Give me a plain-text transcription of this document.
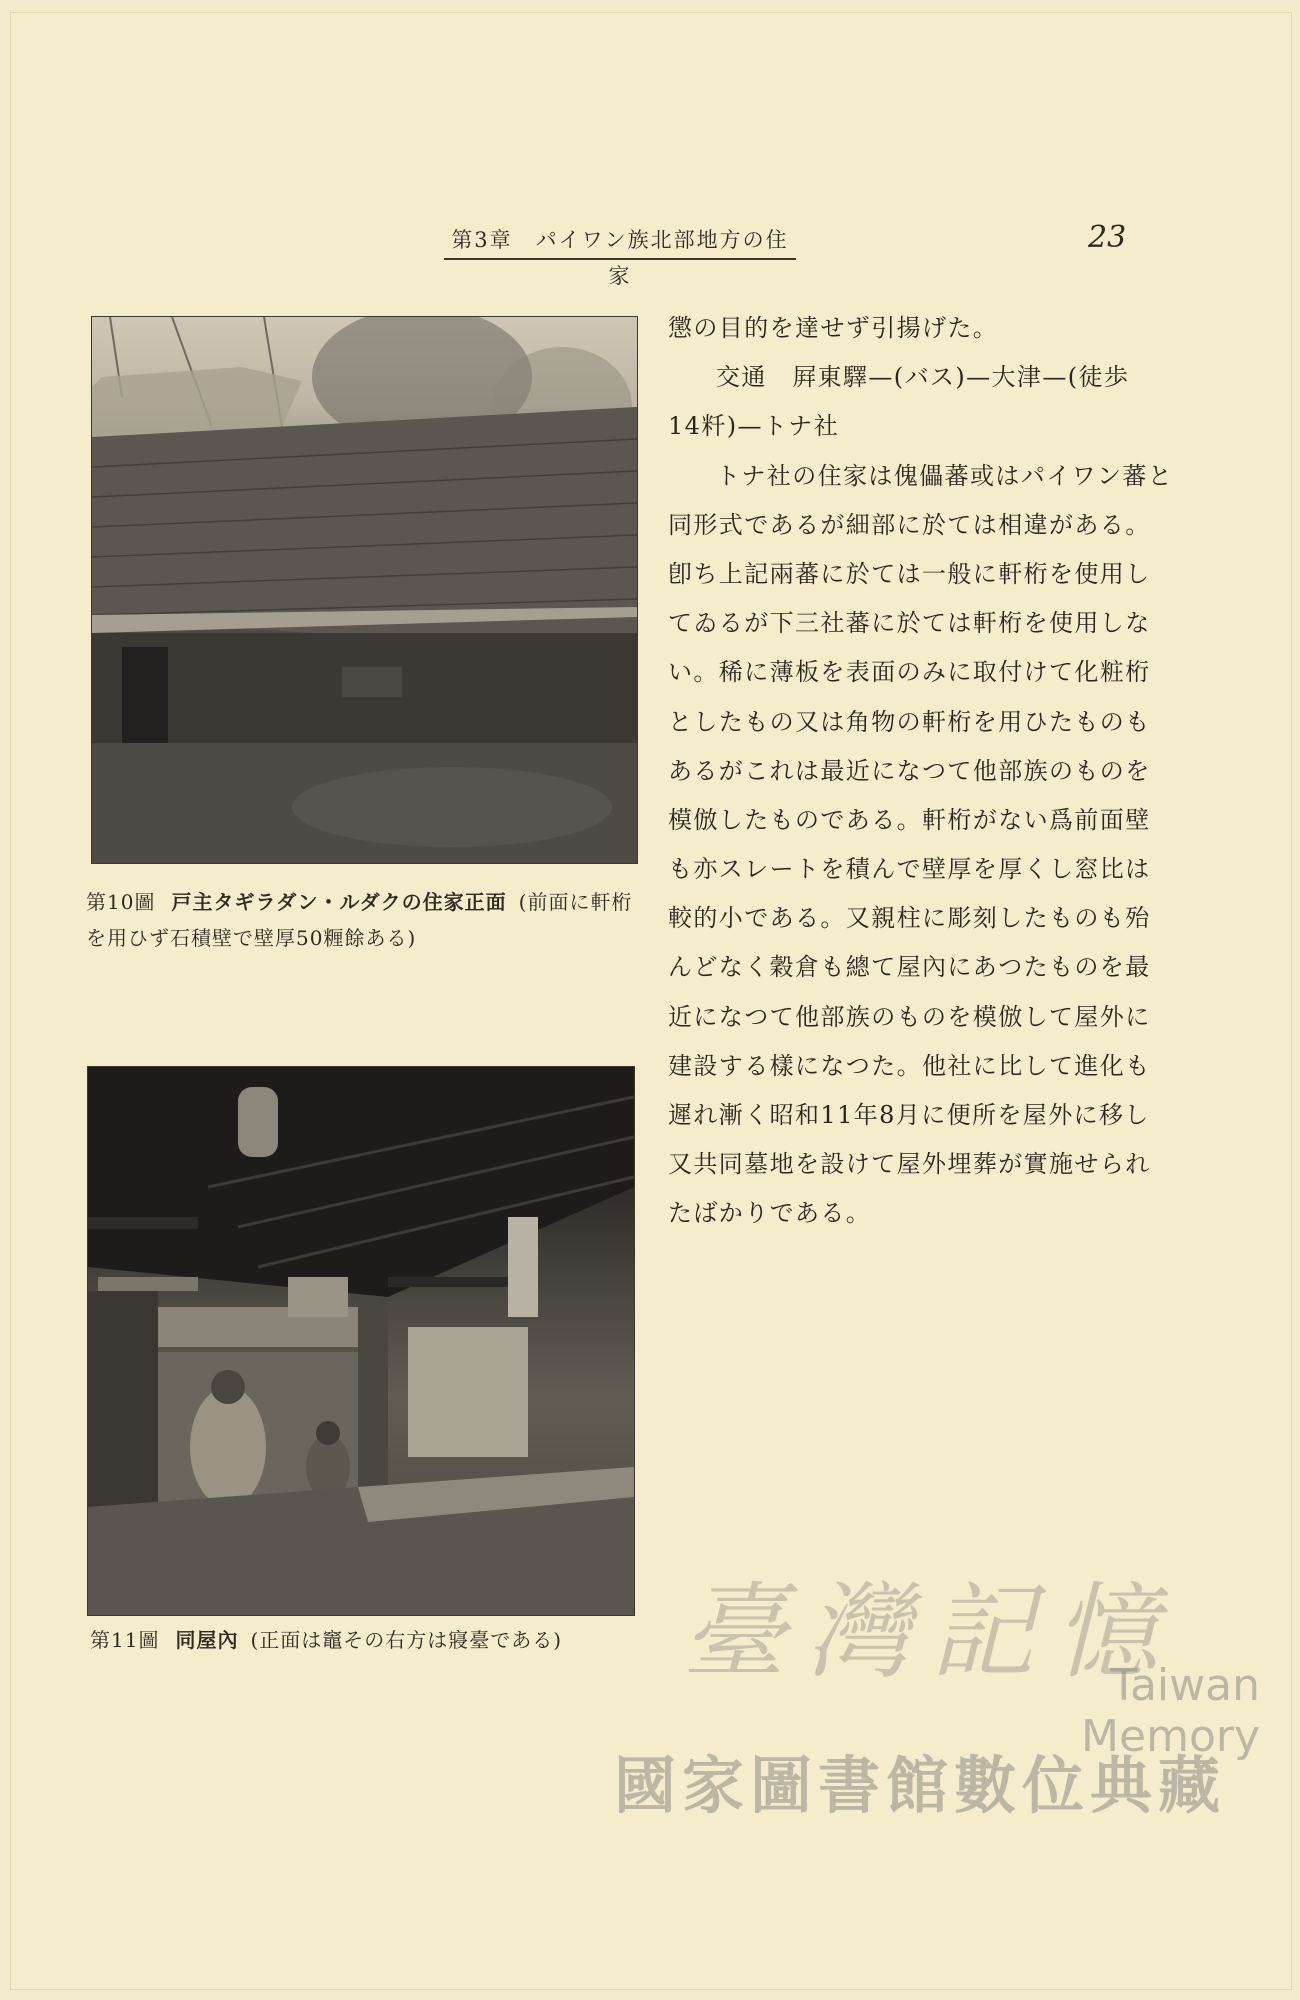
第3章　パイワン族北部地方の住家
23
第10圖 戸主タギラダン・ルダクの住家正面 (前面に軒桁を用ひず石積壁で壁厚50糎餘ある)
第11圖 同屋內 (正面は竈その右方は寢臺である)
懲の目的を達せず引揚げた。
交通　屛東驛—(バス)—大津—(徒歩
14粁)—トナ社
トナ社の住家は傀儡蕃或はパイワン蕃と
同形式であるが細部に於ては相違がある。
卽ち上記兩蕃に於ては一般に軒桁を使用し
てゐるが下三社蕃に於ては軒桁を使用しな
い。稀に薄板を表面のみに取付けて化粧桁
としたもの又は角物の軒桁を用ひたものも
あるがこれは最近になつて他部族のものを
模倣したものである。軒桁がない爲前面壁
も亦スレートを積んで壁厚を厚くし窓比は
較的小である。又親柱に彫刻したものも殆
んどなく穀倉も總て屋內にあつたものを最
近になつて他部族のものを模倣して屋外に
建設する樣になつた。他社に比して進化も
遲れ漸く昭和11年8月に便所を屋外に移し
又共同墓地を設けて屋外埋葬が實施せられ
たばかりである。
臺灣記憶
Taiwan Memory
國家圖書館數位典藏
